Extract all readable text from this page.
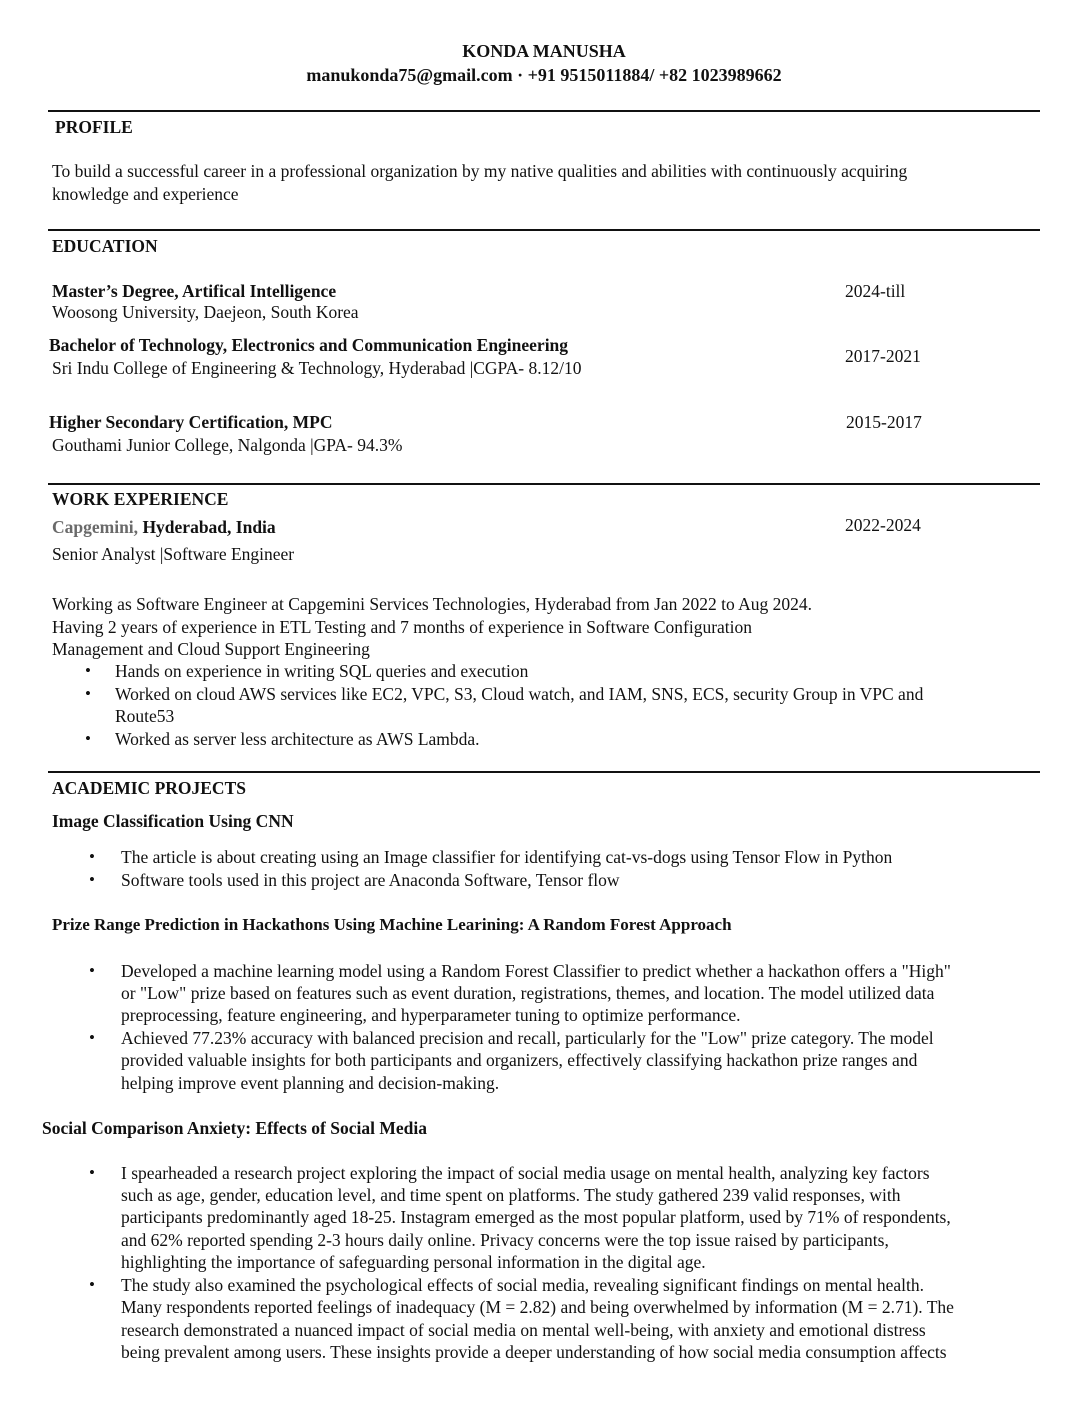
KONDA MANUSHA
manukonda75@gmail.com · +91 9515011884/ +82 1023989662
PROFILE
To build a successful career in a professional organization by my native qualities and abilities with continuously acquiring
knowledge and experience
EDUCATION
Master’s Degree, Artifical Intelligence
Woosong University, Daejeon, South Korea
2024-till
Bachelor of Technology, Electronics and Communication Engineering
Sri Indu College of Engineering & Technology, Hyderabad |CGPA- 8.12/10
2017-2021
Higher Secondary Certification, MPC
Gouthami Junior College, Nalgonda |GPA- 94.3%
2015-2017
WORK EXPERIENCE
Capgemini, Hyderabad, India	2022-2024
Senior Analyst |Software Engineer
Working as Software Engineer at Capgemini Services Technologies, Hyderabad from Jan 2022 to Aug 2024.
Having 2 years of experience in ETL Testing and 7 months of experience in Software Configuration
Management and Cloud Support Engineering
• Hands on experience in writing SQL queries and execution
• Worked on cloud AWS services like EC2, VPC, S3, Cloud watch, and IAM, SNS, ECS, security Group in VPC and
Route53
• Worked as server less architecture as AWS Lambda.
ACADEMIC PROJECTS
Image Classification Using CNN
• The article is about creating using an Image classifier for identifying cat-vs-dogs using Tensor Flow in Python
• Software tools used in this project are Anaconda Software, Tensor flow
Prize Range Prediction in Hackathons Using Machine Learining: A Random Forest Approach
• Developed a machine learning model using a Random Forest Classifier to predict whether a hackathon offers a "High"
or "Low" prize based on features such as event duration, registrations, themes, and location. The model utilized data
preprocessing, feature engineering, and hyperparameter tuning to optimize performance.
• Achieved 77.23% accuracy with balanced precision and recall, particularly for the "Low" prize category. The model
provided valuable insights for both participants and organizers, effectively classifying hackathon prize ranges and
helping improve event planning and decision-making.
Social Comparison Anxiety: Effects of Social Media
• I spearheaded a research project exploring the impact of social media usage on mental health, analyzing key factors
such as age, gender, education level, and time spent on platforms. The study gathered 239 valid responses, with
participants predominantly aged 18-25. Instagram emerged as the most popular platform, used by 71% of respondents,
and 62% reported spending 2-3 hours daily online. Privacy concerns were the top issue raised by participants,
highlighting the importance of safeguarding personal information in the digital age.
• The study also examined the psychological effects of social media, revealing significant findings on mental health.
Many respondents reported feelings of inadequacy (M = 2.82) and being overwhelmed by information (M = 2.71). The
research demonstrated a nuanced impact of social media on mental well-being, with anxiety and emotional distress
being prevalent among users. These insights provide a deeper understanding of how social media consumption affects
